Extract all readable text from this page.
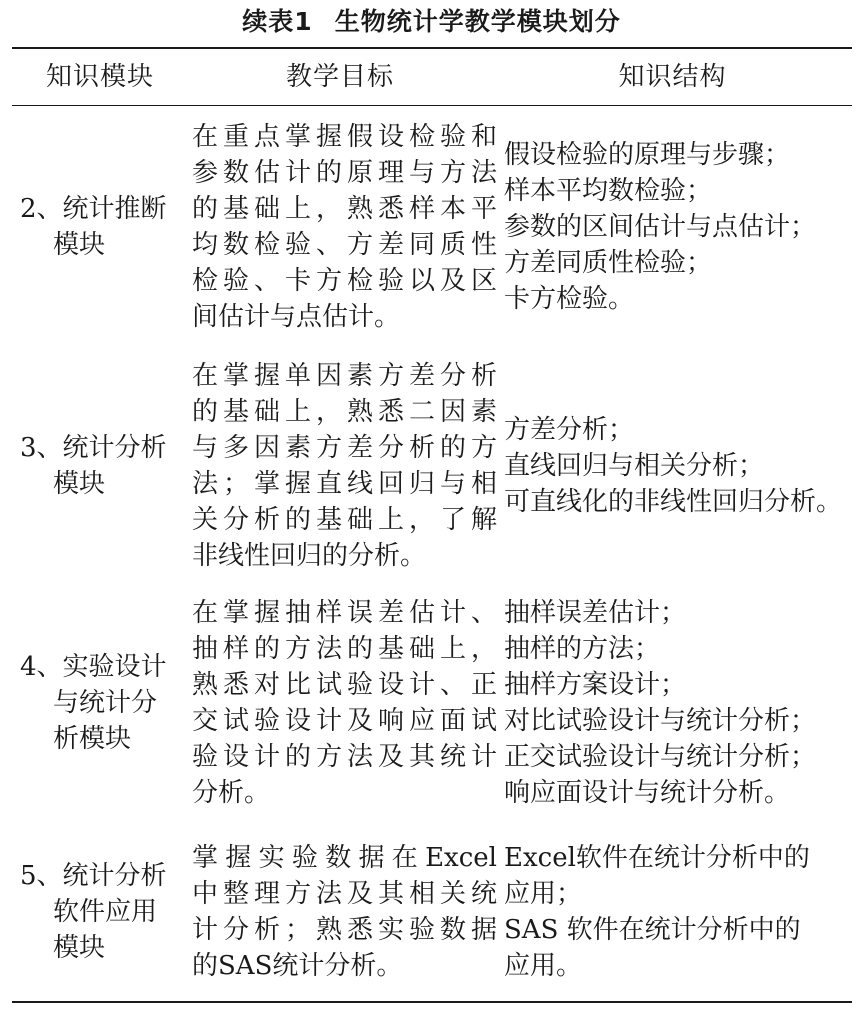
续表1 生物统计学教学模块划分
知识模块	教学目标	知识结构
2、统计推断
模块
在重点掌握假设检验和
参数估计的原理与方法
的基础上，熟悉样本平
均数检验、方差同质性
检验、卡方检验以及区
间估计与点估计。
假设检验的原理与步骤；
样本平均数检验；
参数的区间估计与点估计；
方差同质性检验；
卡方检验。
3、统计分析
模块
在掌握单因素方差分析
的基础上，熟悉二因素
与多因素方差分析的方
法；掌握直线回归与相
关分析的基础上，了解
非线性回归的分析。
方差分析；
直线回归与相关分析；
可直线化的非线性回归分析。
4、实验设计
与统计分
析模块
在掌握抽样误差估计、
抽样的方法的基础上，
熟悉对比试验设计、正
交试验设计及响应面试
验设计的方法及其统计
分析。
抽样误差估计；
抽样的方法；
抽样方案设计；
对比试验设计与统计分析；
正交试验设计与统计分析；
响应面设计与统计分析。
5、统计分析
软件应用
模块
掌握实验数据在Excel
中整理方法及其相关统
计分析；熟悉实验数据
的SAS统计分析。
Excel软件在统计分析中的
应用；
SAS 软件在统计分析中的
应用。
